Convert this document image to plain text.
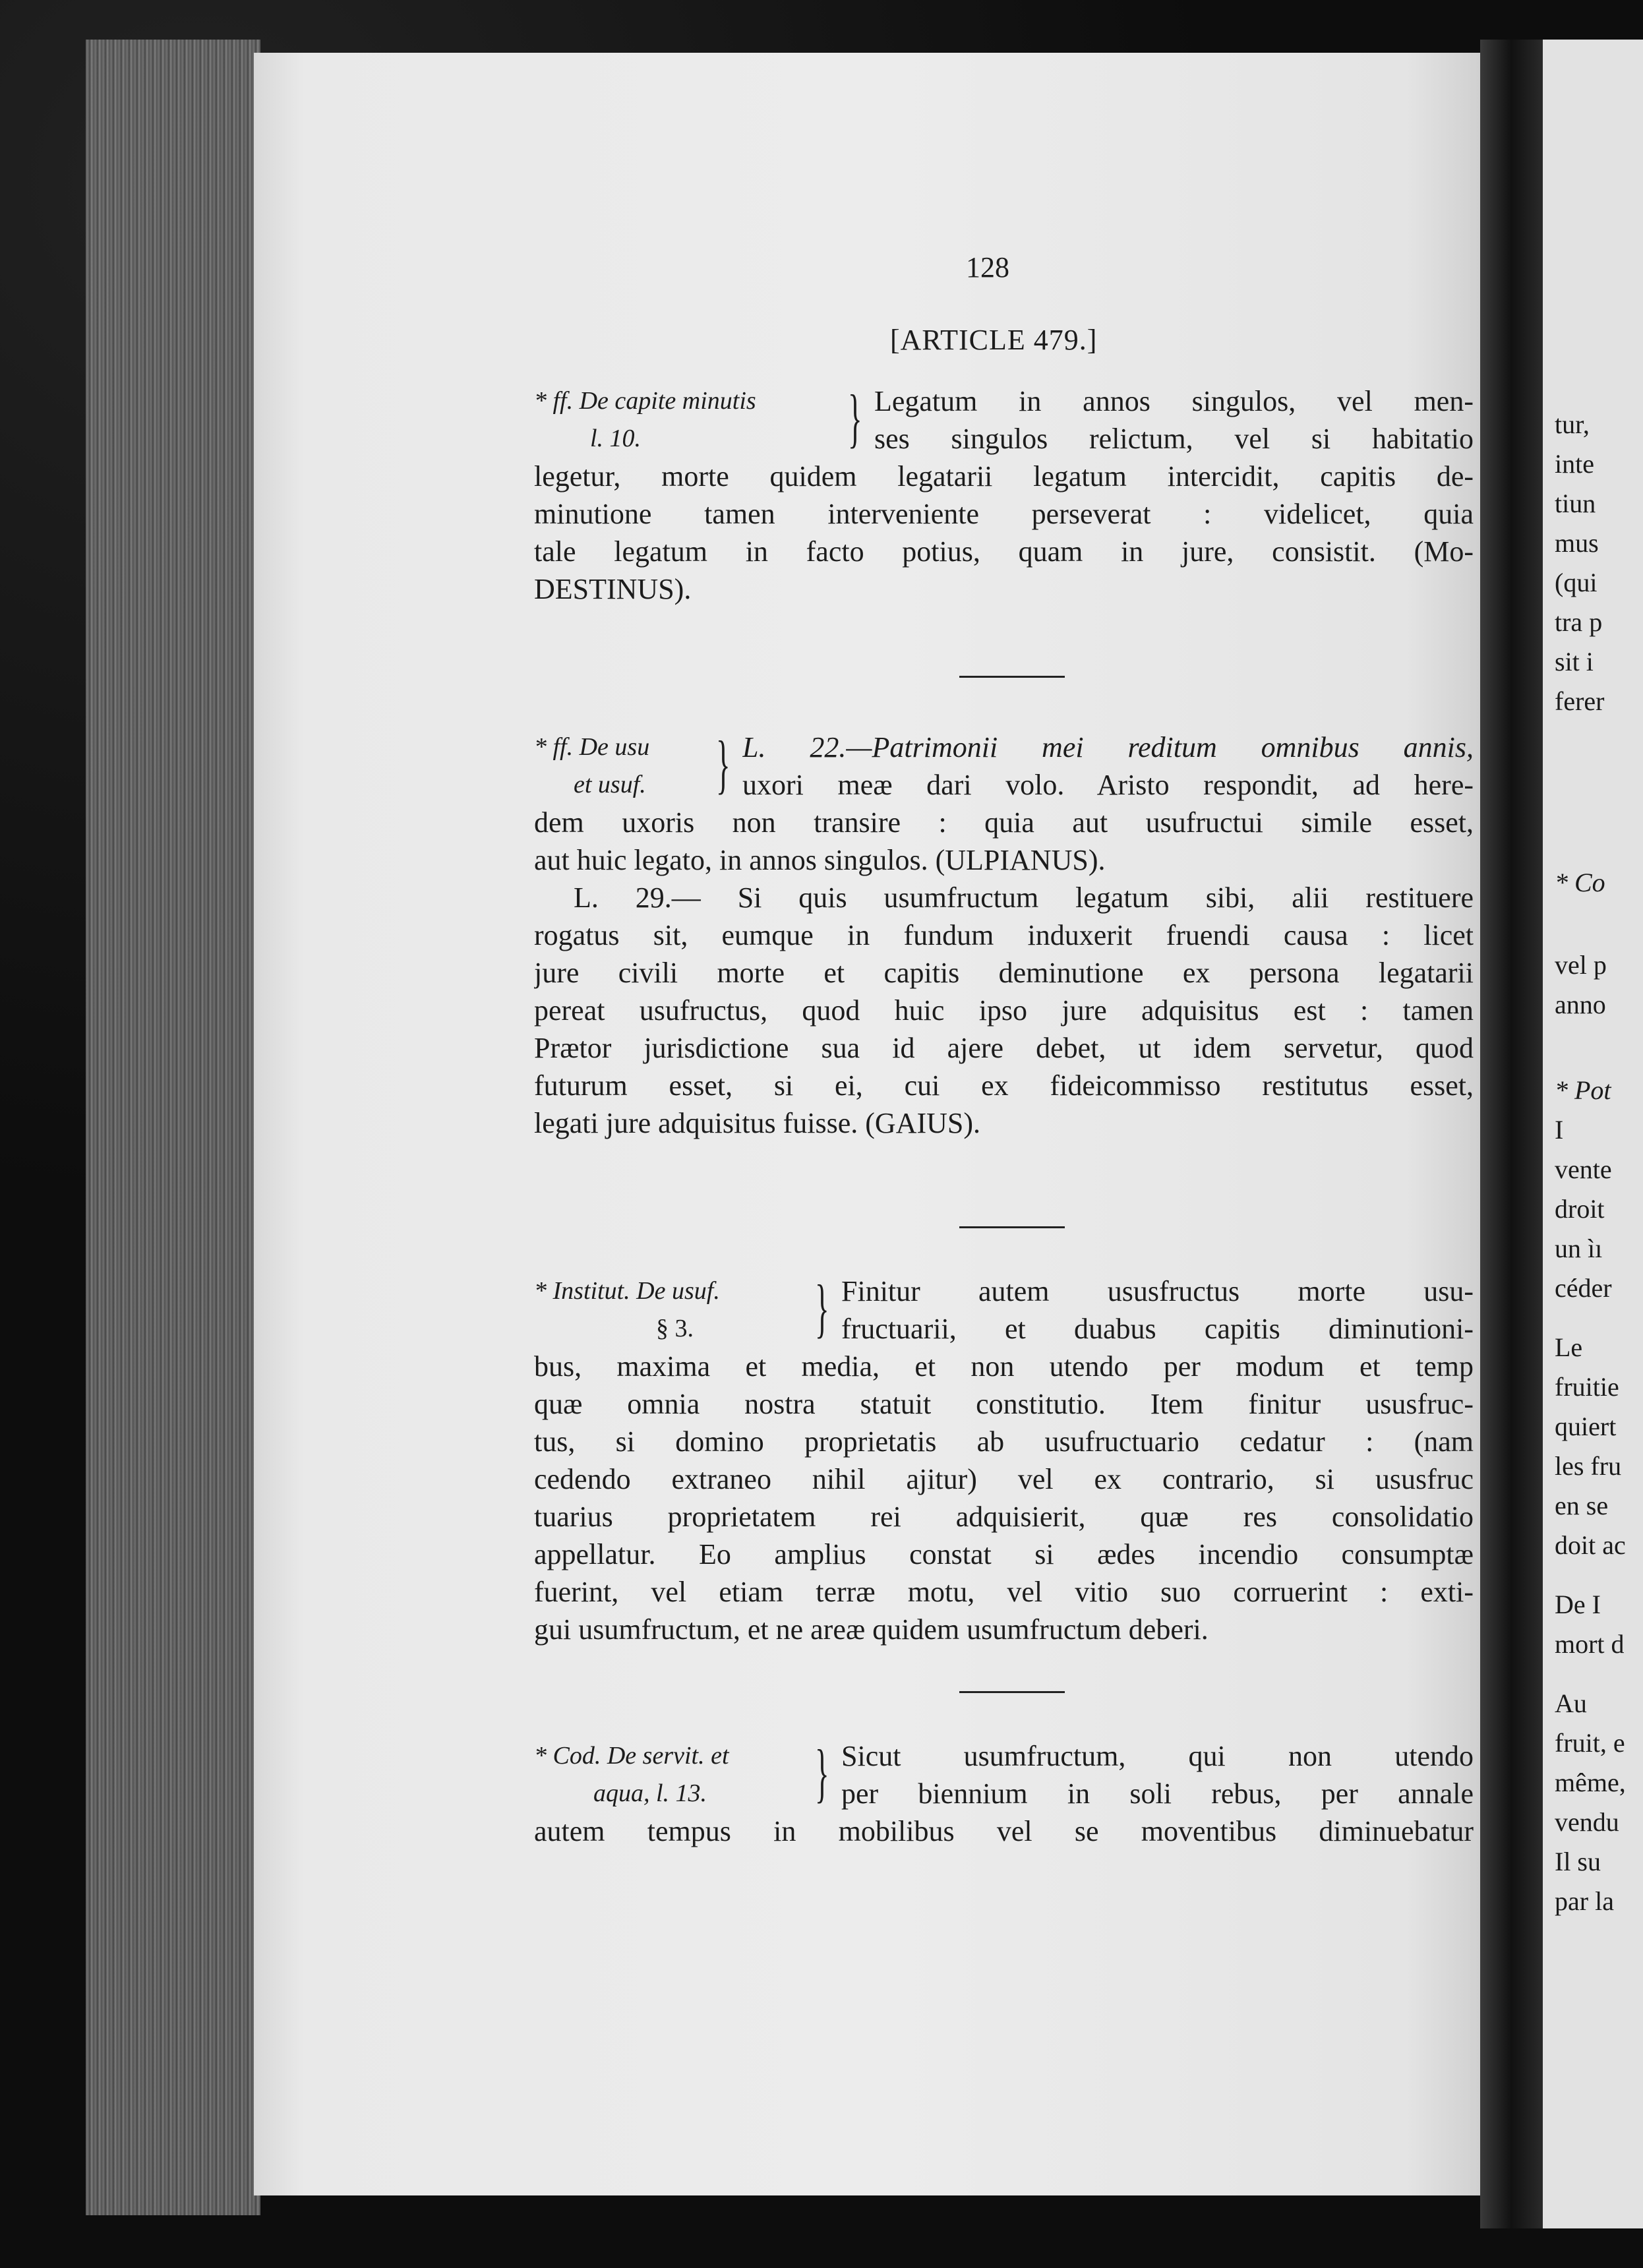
tur,
inte
tiun
mus
(qui
tra p
sit i
ferer
* Co
vel p
anno
* Pot
I
vente
droit
un ìı
céder
Le
fruitie
quiert
les fru
en se
doit ac
De I
mort d
Au
fruit, e
même,
vendu
Il su
par la
128
[ARTICLE 479.]
* ff. De capite minutis
l. 10.	} Legatum in annos singulos, vel men-
ses singulos relictum, vel si habitatio
legetur, morte quidem legatarii legatum intercidit, capitis de-
minutione tamen interveniente perseverat : videlicet, quia
tale legatum in facto potius, quam in jure, consistit. (Mo-
DESTINUS).
* ff. De usu
et usuf.	} L. 22.—Patrimonii mei reditum omnibus annis,
uxori meæ dari volo. Aristo respondit, ad here-
dem uxoris non transire : quia aut usufructui simile esset,
aut huic legato, in annos singulos. (ULPIANUS).
L. 29.— Si quis usumfructum legatum sibi, alii restituere
rogatus sit, eumque in fundum induxerit fruendi causa : licet
jure civili morte et capitis deminutione ex persona legatarii
pereat usufructus, quod huic ipso jure adquisitus est : tamen
Prætor jurisdictione sua id ajere debet, ut idem servetur, quod
futurum esset, si ei, cui ex fideicommisso restitutus esset,
legati jure adquisitus fuisse. (GAIUS).
* Institut. De usuf.
§ 3.	} Finitur autem ususfructus morte usu-
fructuarii, et duabus capitis diminutioni-
bus, maxima et media, et non utendo per modum et temp
quæ omnia nostra statuit constitutio. Item finitur ususfruc-
tus, si domino proprietatis ab usufructuario cedatur : (nam
cedendo extraneo nihil ajitur) vel ex contrario, si ususfruc
tuarius proprietatem rei adquisierit, quæ res consolidatio
appellatur. Eo amplius constat si ædes incendio consumptæ
fuerint, vel etiam terræ motu, vel vitio suo corruerint : exti-
gui usumfructum, et ne areæ quidem usumfructum deberi.
* Cod. De servit. et
aqua, l. 13.	} Sicut usumfructum, qui non utendo
per biennium in soli rebus, per annale
autem tempus in mobilibus vel se moventibus diminuebatur
